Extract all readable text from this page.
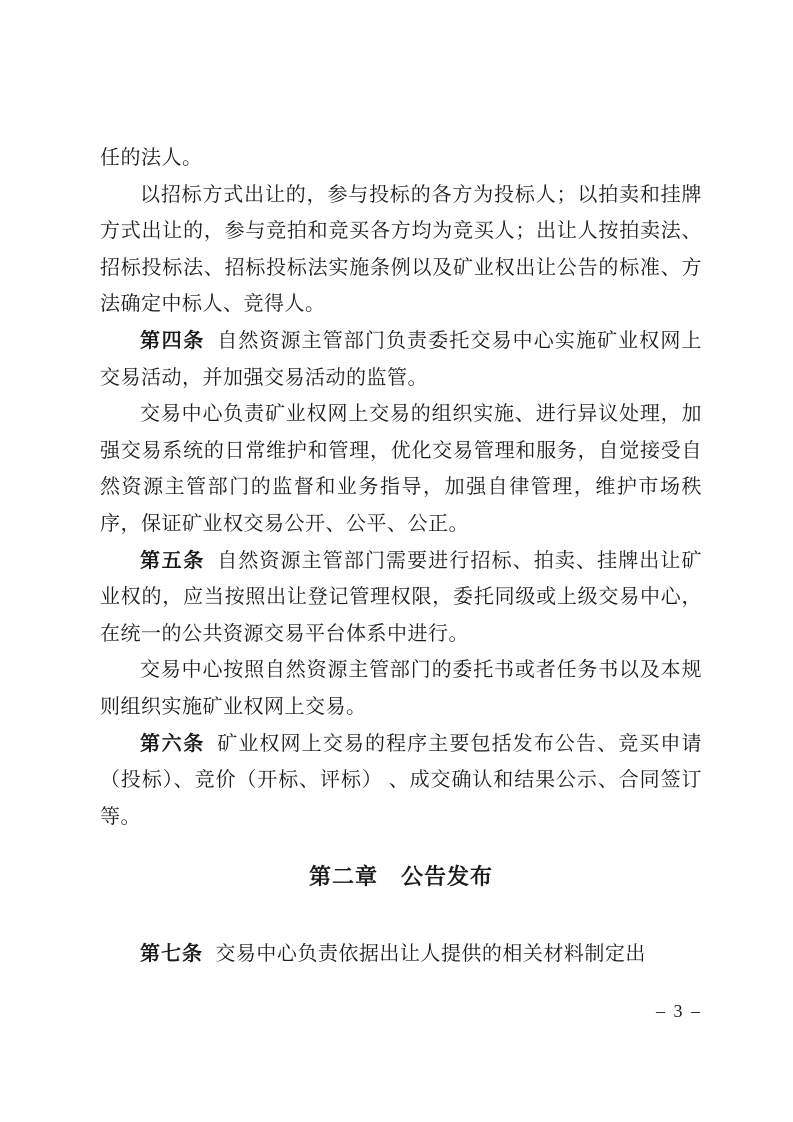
任的法人。

以招标方式出让的，参与投标的各方为投标人；以拍卖和挂牌方式出让的，参与竞拍和竞买各方均为竞买人；出让人按拍卖法、招标投标法、招标投标法实施条例以及矿业权出让公告的标准、方法确定中标人、竞得人。

第四条 自然资源主管部门负责委托交易中心实施矿业权网上交易活动，并加强交易活动的监管。

交易中心负责矿业权网上交易的组织实施、进行异议处理，加强交易系统的日常维护和管理，优化交易管理和服务，自觉接受自然资源主管部门的监督和业务指导，加强自律管理，维护市场秩序，保证矿业权交易公开、公平、公正。

第五条 自然资源主管部门需要进行招标、拍卖、挂牌出让矿业权的，应当按照出让登记管理权限，委托同级或上级交易中心，在统一的公共资源交易平台体系中进行。

交易中心按照自然资源主管部门的委托书或者任务书以及本规则组织实施矿业权网上交易。

第六条 矿业权网上交易的程序主要包括发布公告、竞买申请（投标）、竞价（开标、评标） 、成交确认和结果公示、合同签订等。

第二章　公告发布

第七条 交易中心负责依据出让人提供的相关材料制定出

– 3 –
